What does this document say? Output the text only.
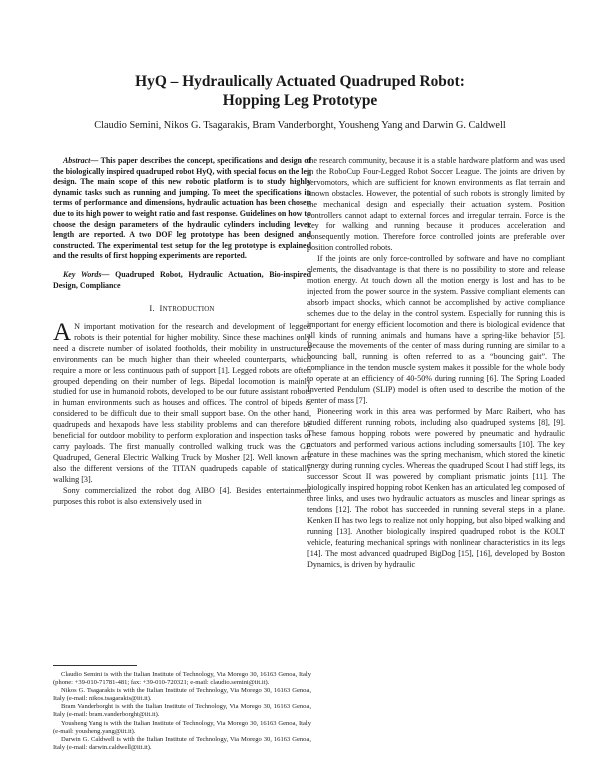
HyQ – Hydraulically Actuated Quadruped Robot:
Hopping Leg Prototype
Claudio Semini, Nikos G. Tsagarakis, Bram Vanderborght, Yousheng Yang and Darwin G. Caldwell

Abstract— This paper describes the concept, specifications and design of the biologically inspired quadruped robot HyQ, with special focus on the leg design. The main scope of this new robotic platform is to study highly dynamic tasks such as running and jumping. To meet the specifications in terms of performance and dimensions, hydraulic actuation has been chosen due to its high power to weight ratio and fast response. Guidelines on how to choose the design parameters of the hydraulic cylinders including lever length are reported. A two DOF leg prototype has been designed and constructed. The experimental test setup for the leg prototype is explained and the results of first hopping experiments are reported.

Key Words— Quadruped Robot, Hydraulic Actuation, Bio-inspired Design, Compliance

I. INTRODUCTION

A N important motivation for the research and development of legged robots is their potential for higher mobility. Since these machines only need a discrete number of isolated footholds, their mobility in unstructured environments can be much higher than their wheeled counterparts, which require a more or less continuous path of support [1]. Legged robots are often grouped depending on their number of legs. Bipedal locomotion is mainly studied for use in humanoid robots, developed to be our future assistant robots in human environments such as houses and offices. The control of bipeds is considered to be difficult due to their small support base. On the other hand, quadrupeds and hexapods have less stability problems and can therefore be beneficial for outdoor mobility to perform exploration and inspection tasks or carry payloads. The first manually controlled walking truck was the GE Quadruped, General Electric Walking Truck by Mosher [2]. Well known are also the different versions of the TITAN quadrupeds capable of statically walking [3].

Sony commercialized the robot dog AIBO [4]. Besides entertainment purposes this robot is also extensively used in

Claudio Semini is with the Italian Institute of Technology, Via Morego 30, 16163 Genoa, Italy (phone: +39-010-71781-481; fax: +39-010-720321; e-mail: claudio.semini@iit.it).

Nikos G. Tsagarakis is with the Italian Institute of Technology, Via Morego 30, 16163 Genoa, Italy (e-mail: nikos.tsagarakis@iit.it).

Bram Vanderborght is with the Italian Institute of Technology, Via Morego 30, 16163 Genoa, Italy (e-mail: bram.vanderborght@iit.it).

Yousheng Yang is with the Italian Institute of Technology, Via Morego 30, 16163 Genoa, Italy (e-mail: yousheng.yang@iit.it).

Darwin G. Caldwell is with the Italian Institute of Technology, Via Morego 30, 16163 Genoa, Italy (e-mail: darwin.caldwell@iit.it).

the research community, because it is a stable hardware platform and was used in the RoboCup Four-Legged Robot Soccer League. The joints are driven by servomotors, which are sufficient for known environments as flat terrain and known obstacles. However, the potential of such robots is strongly limited by the mechanical design and especially their actuation system. Position controllers cannot adapt to external forces and irregular terrain. Force is the key for walking and running because it produces acceleration and consequently motion. Therefore force controlled joints are preferable over position controlled robots.

If the joints are only force-controlled by software and have no compliant elements, the disadvantage is that there is no possibility to store and release motion energy. At touch down all the motion energy is lost and has to be injected from the power source in the system. Passive compliant elements can absorb impact shocks, which cannot be accomplished by active compliance schemes due to the delay in the control system. Especially for running this is important for energy efficient locomotion and there is biological evidence that all kinds of running animals and humans have a spring-like behavior [5]. Because the movements of the center of mass during running are similar to a bouncing ball, running is often referred to as a “bouncing gait”. The compliance in the tendon muscle system makes it possible for the whole body to operate at an efficiency of 40-50% during running [6]. The Spring Loaded Inverted Pendulum (SLIP) model is often used to describe the motion of the center of mass [7].

Pioneering work in this area was performed by Marc Raibert, who has studied different running robots, including also quadruped systems [8], [9]. These famous hopping robots were powered by pneumatic and hydraulic actuators and performed various actions including somersaults [10]. The key feature in these machines was the spring mechanism, which stored the kinetic energy during running cycles. Whereas the quadruped Scout I had stiff legs, its successor Scout II was powered by compliant prismatic joints [11]. The biologically inspired hopping robot Kenken has an articulated leg composed of three links, and uses two hydraulic actuators as muscles and linear springs as tendons [12]. The robot has succeeded in running several steps in a plane. Kenken II has two legs to realize not only hopping, but also biped walking and running [13]. Another biologically inspired quadruped robot is the KOLT vehicle, featuring mechanical springs with nonlinear characteristics in its legs [14]. The most advanced quadruped BigDog [15], [16], developed by Boston Dynamics, is driven by hydraulic
